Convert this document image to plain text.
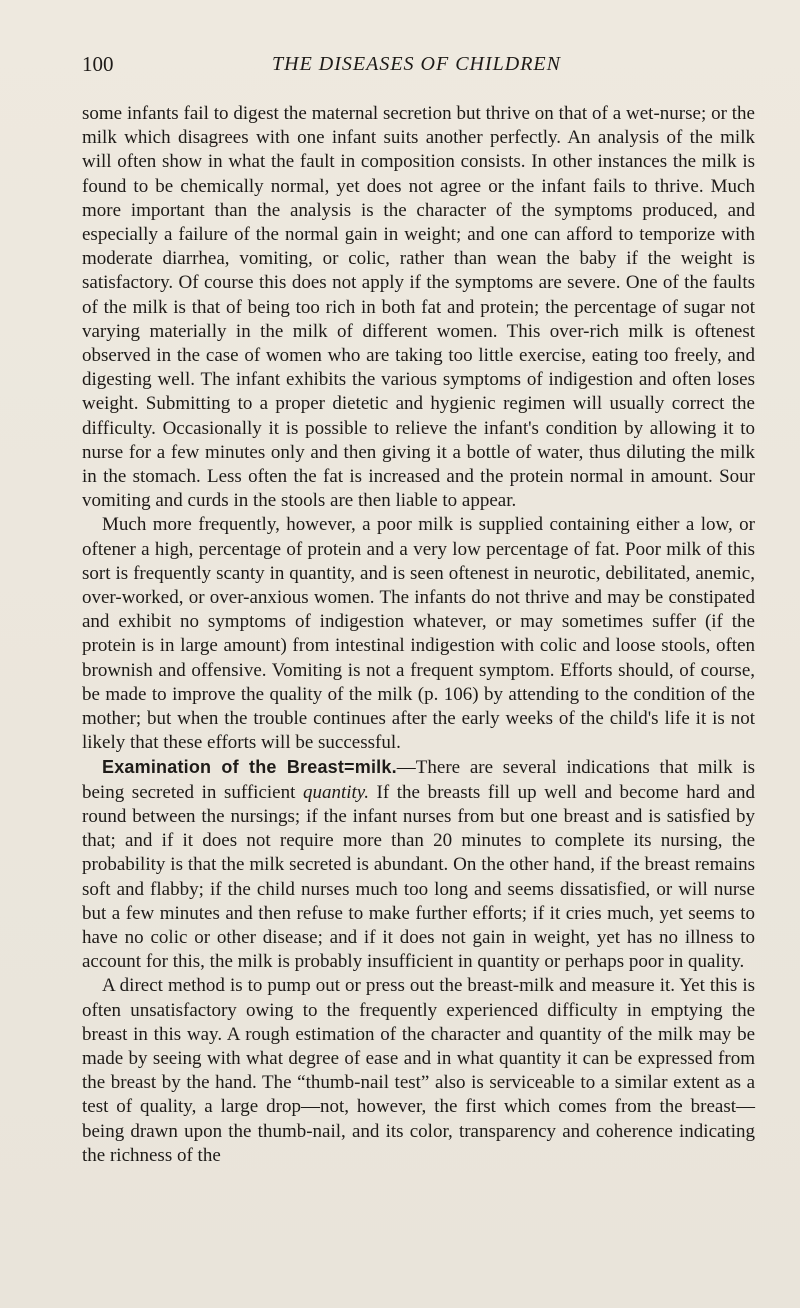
100	THE DISEASES OF CHILDREN

some infants fail to digest the maternal secretion but thrive on that of a wet-nurse; or the milk which disagrees with one infant suits another perfectly. An analysis of the milk will often show in what the fault in composition consists. In other instances the milk is found to be chemically normal, yet does not agree or the infant fails to thrive. Much more important than the analysis is the character of the symptoms produced, and especially a failure of the normal gain in weight; and one can afford to temporize with moderate diarrhea, vomiting, or colic, rather than wean the baby if the weight is satisfactory. Of course this does not apply if the symptoms are severe. One of the faults of the milk is that of being too rich in both fat and protein; the percentage of sugar not varying materially in the milk of different women. This over-rich milk is oftenest observed in the case of women who are taking too little exercise, eating too freely, and digesting well. The infant exhibits the various symptoms of indigestion and often loses weight. Submitting to a proper dietetic and hygienic regimen will usually correct the difficulty. Occasionally it is possible to relieve the infant's condition by allowing it to nurse for a few minutes only and then giving it a bottle of water, thus diluting the milk in the stomach. Less often the fat is increased and the protein normal in amount. Sour vomiting and curds in the stools are then liable to appear.

Much more frequently, however, a poor milk is supplied containing either a low, or oftener a high, percentage of protein and a very low percentage of fat. Poor milk of this sort is frequently scanty in quantity, and is seen oftenest in neurotic, debilitated, anemic, over-worked, or over-anxious women. The infants do not thrive and may be constipated and exhibit no symptoms of indigestion whatever, or may sometimes suffer (if the protein is in large amount) from intestinal indigestion with colic and loose stools, often brownish and offensive. Vomiting is not a frequent symptom. Efforts should, of course, be made to improve the quality of the milk (p. 106) by attending to the condition of the mother; but when the trouble continues after the early weeks of the child's life it is not likely that these efforts will be successful.

Examination of the Breast=milk.—There are several indications that milk is being secreted in sufficient quantity. If the breasts fill up well and become hard and round between the nursings; if the infant nurses from but one breast and is satisfied by that; and if it does not require more than 20 minutes to complete its nursing, the probability is that the milk secreted is abundant. On the other hand, if the breast remains soft and flabby; if the child nurses much too long and seems dissatisfied, or will nurse but a few minutes and then refuse to make further efforts; if it cries much, yet seems to have no colic or other disease; and if it does not gain in weight, yet has no illness to account for this, the milk is probably insufficient in quantity or perhaps poor in quality.

A direct method is to pump out or press out the breast-milk and measure it. Yet this is often unsatisfactory owing to the frequently experienced difficulty in emptying the breast in this way. A rough estimation of the character and quantity of the milk may be made by seeing with what degree of ease and in what quantity it can be expressed from the breast by the hand. The “thumb-nail test” also is serviceable to a similar extent as a test of quality, a large drop—not, however, the first which comes from the breast—being drawn upon the thumb-nail, and its color, transparency and coherence indicating the richness of the
